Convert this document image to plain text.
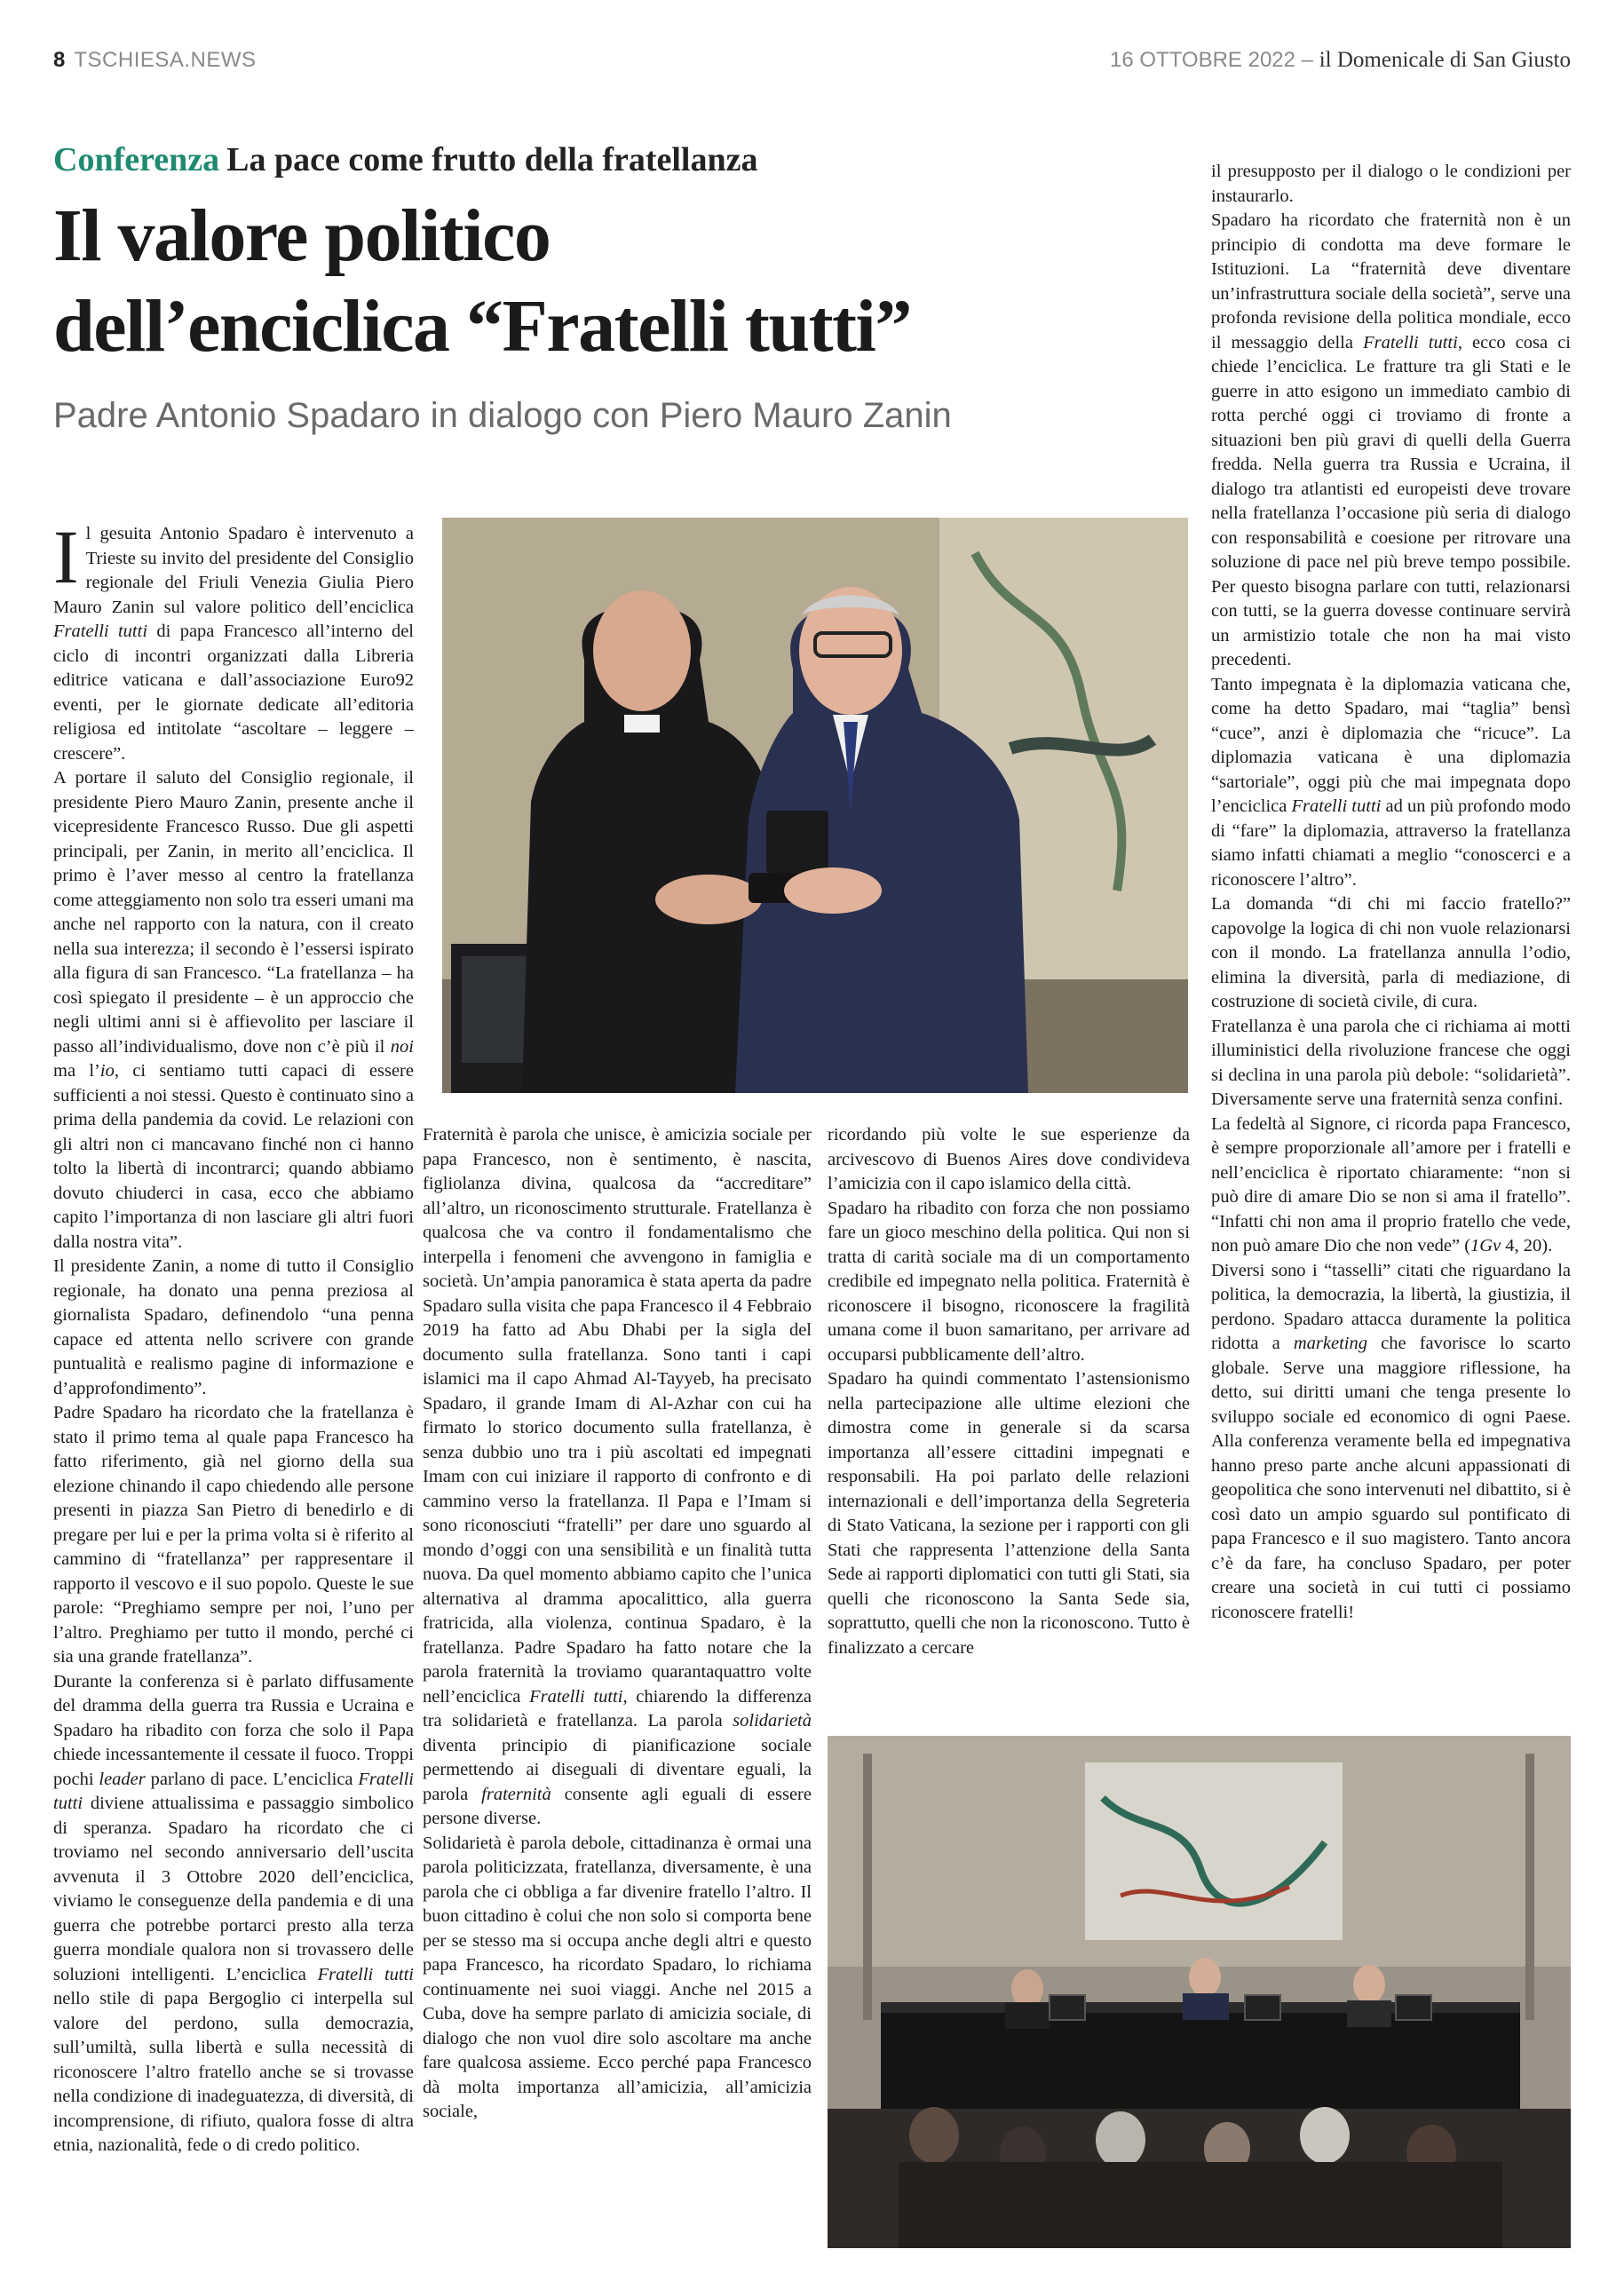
8 TSCHIESA.NEWS	16 OTTOBRE 2022 – il Domenicale di San Giusto
Conferenza La pace come frutto della fratellanza
Il valore politico
dell’enciclica “Fratelli tutti”
Padre Antonio Spadaro in dialogo con Piero Mauro Zanin

Il gesuita Antonio Spadaro è intervenuto a Trieste su invito del presidente del Consiglio regionale del Friuli Venezia Giulia Piero Mauro Zanin sul valore politico dell’enciclica Fratelli tutti di papa Francesco all’interno del ciclo di incontri organizzati dalla Libreria editrice vaticana e dall’associazione Euro92 eventi, per le giornate dedicate all’editoria religiosa ed intitolate “ascoltare – leggere – crescere”.

A portare il saluto del Consiglio regionale, il presidente Piero Mauro Zanin, presente anche il vicepresidente Francesco Russo. Due gli aspetti principali, per Zanin, in merito all’enciclica. Il primo è l’aver messo al centro la fratellanza come atteggiamento non solo tra esseri umani ma anche nel rapporto con la natura, con il creato nella sua interezza; il secondo è l’essersi ispirato alla figura di san Francesco. “La fratellanza – ha così spiegato il presidente – è un approccio che negli ultimi anni si è affievolito per lasciare il passo all’individualismo, dove non c’è più il noi ma l’io, ci sentiamo tutti capaci di essere sufficienti a noi stessi. Questo è continuato sino a prima della pandemia da covid. Le relazioni con gli altri non ci mancavano finché non ci hanno tolto la libertà di incontrarci; quando abbiamo dovuto chiuderci in casa, ecco che abbiamo capito l’importanza di non lasciare gli altri fuori dalla nostra vita”.

Il presidente Zanin, a nome di tutto il Consiglio regionale, ha donato una penna preziosa al giornalista Spadaro, definendolo “una penna capace ed attenta nello scrivere con grande puntualità e realismo pagine di informazione e d’approfondimento”.

Padre Spadaro ha ricordato che la fratellanza è stato il primo tema al quale papa Francesco ha fatto riferimento, già nel giorno della sua elezione chinando il capo chiedendo alle persone presenti in piazza San Pietro di benedirlo e di pregare per lui e per la prima volta si è riferito al cammino di “fratellanza” per rappresentare il rapporto il vescovo e il suo popolo. Queste le sue parole: “Preghiamo sempre per noi, l’uno per l’altro. Preghiamo per tutto il mondo, perché ci sia una grande fratellanza”.

Durante la conferenza si è parlato diffusamente del dramma della guerra tra Russia e Ucraina e Spadaro ha ribadito con forza che solo il Papa chiede incessantemente il cessate il fuoco. Troppi pochi leader parlano di pace. L’enciclica Fratelli tutti diviene attualissima e passaggio simbolico di speranza. Spadaro ha ricordato che ci troviamo nel secondo anniversario dell’uscita avvenuta il 3 Ottobre 2020 dell’enciclica, viviamo le conseguenze della pandemia e di una guerra che potrebbe portarci presto alla terza guerra mondiale qualora non si trovassero delle soluzioni intelligenti. L’enciclica Fratelli tutti nello stile di papa Bergoglio ci interpella sul valore del perdono, sulla democrazia, sull’umiltà, sulla libertà e sulla necessità di riconoscere l’altro fratello anche se si trovasse nella condizione di inadeguatezza, di diversità, di incomprensione, di rifiuto, qualora fosse di altra etnia, nazionalità, fede o di credo politico.

Fraternità è parola che unisce, è amicizia sociale per papa Francesco, non è sentimento, è nascita, figliolanza divina, qualcosa da “accreditare” all’altro, un riconoscimento strutturale. Fratellanza è qualcosa che va contro il fondamentalismo che interpella i fenomeni che avvengono in famiglia e società. Un’ampia panoramica è stata aperta da padre Spadaro sulla visita che papa Francesco il 4 Febbraio 2019 ha fatto ad Abu Dhabi per la sigla del documento sulla fratellanza. Sono tanti i capi islamici ma il capo Ahmad Al-Tayyeb, ha precisato Spadaro, il grande Imam di Al-Azhar con cui ha firmato lo storico documento sulla fratellanza, è senza dubbio uno tra i più ascoltati ed impegnati Imam con cui iniziare il rapporto di confronto e di cammino verso la fratellanza. Il Papa e l’Imam si sono riconosciuti “fratelli” per dare uno sguardo al mondo d’oggi con una sensibilità e un finalità tutta nuova. Da quel momento abbiamo capito che l’unica alternativa al dramma apocalittico, alla guerra fratricida, alla violenza, continua Spadaro, è la fratellanza. Padre Spadaro ha fatto notare che la parola fraternità la troviamo quarantaquattro volte nell’enciclica Fratelli tutti, chiarendo la differenza tra solidarietà e fratellanza. La parola solidarietà diventa principio di pianificazione sociale permettendo ai diseguali di diventare eguali, la parola fraternità consente agli eguali di essere persone diverse.

Solidarietà è parola debole, cittadinanza è ormai una parola politicizzata, fratellanza, diversamente, è una parola che ci obbliga a far divenire fratello l’altro. Il buon cittadino è colui che non solo si comporta bene per se stesso ma si occupa anche degli altri e questo papa Francesco, ha ricordato Spadaro, lo richiama continuamente nei suoi viaggi. Anche nel 2015 a Cuba, dove ha sempre parlato di amicizia sociale, di dialogo che non vuol dire solo ascoltare ma anche fare qualcosa assieme. Ecco perché papa Francesco dà molta importanza all’amicizia, all’amicizia sociale,

ricordando più volte le sue esperienze da arcivescovo di Buenos Aires dove condivideva l’amicizia con il capo islamico della città.

Spadaro ha ribadito con forza che non possiamo fare un gioco meschino della politica. Qui non si tratta di carità sociale ma di un comportamento credibile ed impegnato nella politica. Fraternità è riconoscere il bisogno, riconoscere la fragilità umana come il buon samaritano, per arrivare ad occuparsi pubblicamente dell’altro.

Spadaro ha quindi commentato l’astensionismo nella partecipazione alle ultime elezioni che dimostra come in generale si da scarsa importanza all’essere cittadini impegnati e responsabili. Ha poi parlato delle relazioni internazionali e dell’importanza della Segreteria di Stato Vaticana, la sezione per i rapporti con gli Stati che rappresenta l’attenzione della Santa Sede ai rapporti diplomatici con tutti gli Stati, sia quelli che riconoscono la Santa Sede sia, soprattutto, quelli che non la riconoscono. Tutto è finalizzato a cercare

il presupposto per il dialogo o le condizioni per instaurarlo.

Spadaro ha ricordato che fraternità non è un principio di condotta ma deve formare le Istituzioni. La “fraternità deve diventare un’infrastruttura sociale della società”, serve una profonda revisione della politica mondiale, ecco il messaggio della Fratelli tutti, ecco cosa ci chiede l’enciclica. Le fratture tra gli Stati e le guerre in atto esigono un immediato cambio di rotta perché oggi ci troviamo di fronte a situazioni ben più gravi di quelli della Guerra fredda. Nella guerra tra Russia e Ucraina, il dialogo tra atlantisti ed europeisti deve trovare nella fratellanza l’occasione più seria di dialogo con responsabilità e coesione per ritrovare una soluzione di pace nel più breve tempo possibile. Per questo bisogna parlare con tutti, relazionarsi con tutti, se la guerra dovesse continuare servirà un armistizio totale che non ha mai visto precedenti.

Tanto impegnata è la diplomazia vaticana che, come ha detto Spadaro, mai “taglia” bensì “cuce”, anzi è diplomazia che “ricuce”. La diplomazia vaticana è una diplomazia “sartoriale”, oggi più che mai impegnata dopo l’enciclica Fratelli tutti ad un più profondo modo di “fare” la diplomazia, attraverso la fratellanza siamo infatti chiamati a meglio “conoscerci e a riconoscere l’altro”.

La domanda “di chi mi faccio fratello?” capovolge la logica di chi non vuole relazionarsi con il mondo. La fratellanza annulla l’odio, elimina la diversità, parla di mediazione, di costruzione di società civile, di cura.

Fratellanza è una parola che ci richiama ai motti illuministici della rivoluzione francese che oggi si declina in una parola più debole: “solidarietà”. Diversamente serve una fraternità senza confini.

La fedeltà al Signore, ci ricorda papa Francesco, è sempre proporzionale all’amore per i fratelli e nell’enciclica è riportato chiaramente: “non si può dire di amare Dio se non si ama il fratello”. “Infatti chi non ama il proprio fratello che vede, non può amare Dio che non vede” (1Gv 4, 20).

Diversi sono i “tasselli” citati che riguardano la politica, la democrazia, la libertà, la giustizia, il perdono. Spadaro attacca duramente la politica ridotta a marketing che favorisce lo scarto globale. Serve una maggiore riflessione, ha detto, sui diritti umani che tenga presente lo sviluppo sociale ed economico di ogni Paese. Alla conferenza veramente bella ed impegnativa hanno preso parte anche alcuni appassionati di geopolitica che sono intervenuti nel dibattito, si è così dato un ampio sguardo sul pontificato di papa Francesco e il suo magistero. Tanto ancora c’è da fare, ha concluso Spadaro, per poter creare una società in cui tutti ci possiamo riconoscere fratelli!
